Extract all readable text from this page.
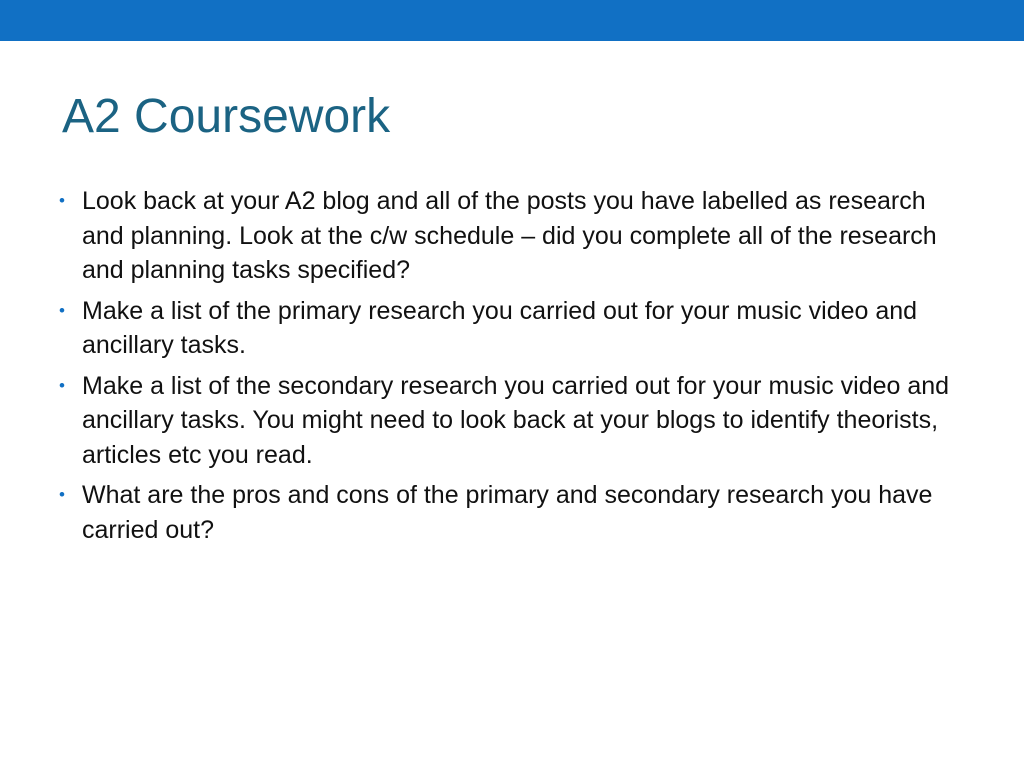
A2 Coursework
• Look back at your A2 blog and all of the posts you have labelled as research and planning. Look at the c/w schedule – did you complete all of the research and planning tasks specified?
• Make a list of the primary research you carried out for your music video and ancillary tasks.
• Make a list of the secondary research you carried out for your music video and ancillary tasks. You might need to look back at your blogs to identify theorists, articles etc you read.
• What are the pros and cons of the primary and secondary research you have carried out?
